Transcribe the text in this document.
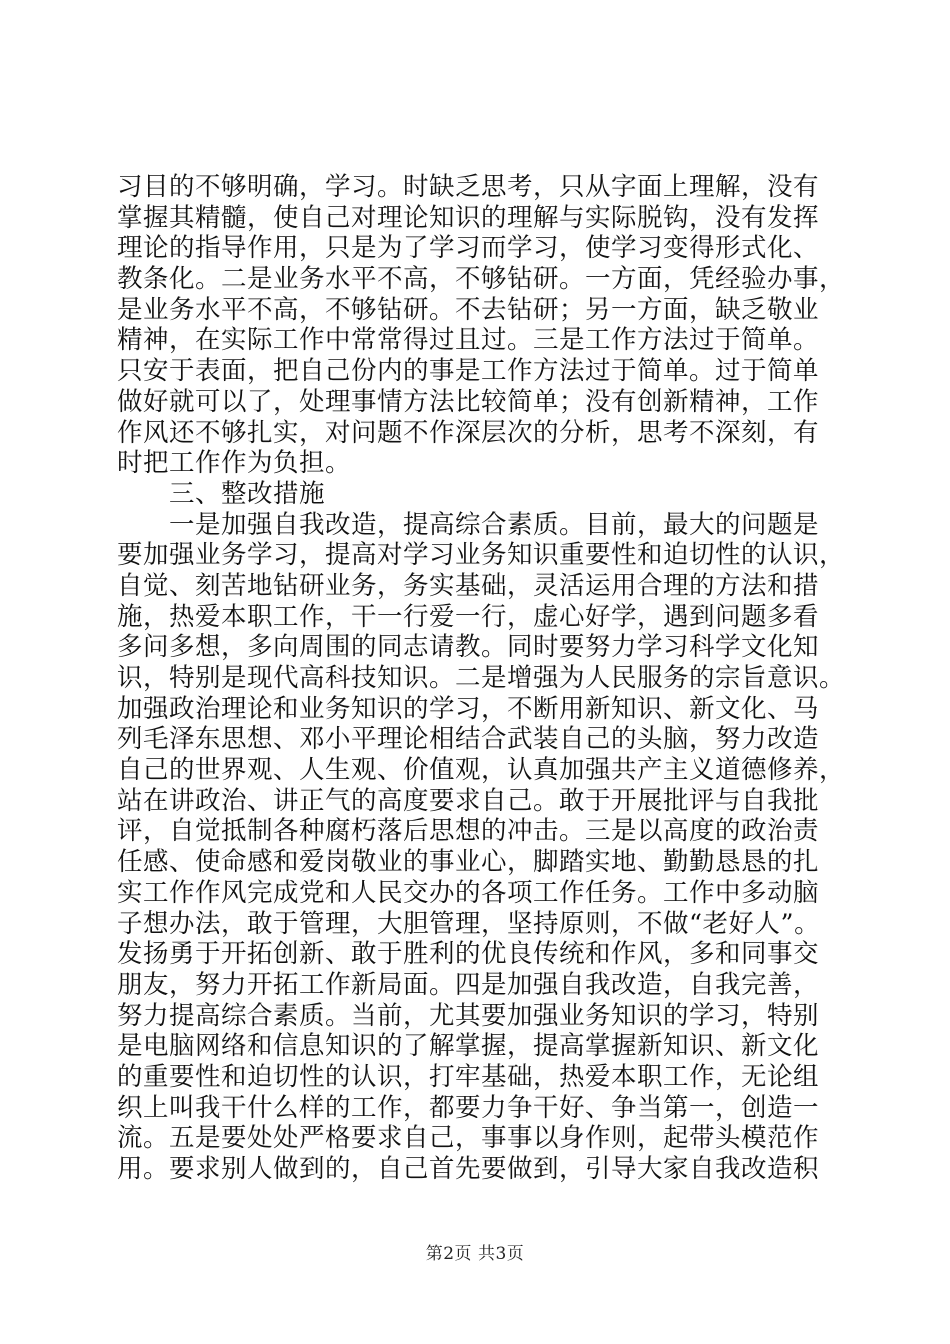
习目的不够明确，学习。时缺乏思考，只从字面上理解，没有
掌握其精髓，使自己对理论知识的理解与实际脱钩，没有发挥
理论的指导作用，只是为了学习而学习，使学习变得形式化、
教条化。二是业务水平不高，不够钻研。一方面，凭经验办事，
是业务水平不高，不够钻研。不去钻研；另一方面，缺乏敬业
精神，在实际工作中常常得过且过。三是工作方法过于简单。
只安于表面，把自己份内的事是工作方法过于简单。过于简单
做好就可以了，处理事情方法比较简单；没有创新精神，工作
作风还不够扎实，对问题不作深层次的分析，思考不深刻，有
时把工作作为负担。
　　三、整改措施
　　一是加强自我改造，提高综合素质。目前，最大的问题是
要加强业务学习，提高对学习业务知识重要性和迫切性的认识，
自觉、刻苦地钻研业务，务实基础，灵活运用合理的方法和措
施，热爱本职工作，干一行爱一行，虚心好学，遇到问题多看
多问多想，多向周围的同志请教。同时要努力学习科学文化知
识，特别是现代高科技知识。二是增强为人民服务的宗旨意识。
加强政治理论和业务知识的学习，不断用新知识、新文化、马
列毛泽东思想、邓小平理论相结合武装自己的头脑，努力改造
自己的世界观、人生观、价值观，认真加强共产主义道德修养，
站在讲政治、讲正气的高度要求自己。敢于开展批评与自我批
评，自觉抵制各种腐朽落后思想的冲击。三是以高度的政治责
任感、使命感和爱岗敬业的事业心，脚踏实地、勤勤恳恳的扎
实工作作风完成党和人民交办的各项工作任务。工作中多动脑
子想办法，敢于管理，大胆管理，坚持原则，不做“老好人”。
发扬勇于开拓创新、敢于胜利的优良传统和作风，多和同事交
朋友，努力开拓工作新局面。四是加强自我改造，自我完善，
努力提高综合素质。当前，尤其要加强业务知识的学习，特别
是电脑网络和信息知识的了解掌握，提高掌握新知识、新文化
的重要性和迫切性的认识，打牢基础，热爱本职工作，无论组
织上叫我干什么样的工作，都要力争干好、争当第一，创造一
流。五是要处处严格要求自己，事事以身作则，起带头模范作
用。要求别人做到的，自己首先要做到，引导大家自我改造积
第2页 共3页
